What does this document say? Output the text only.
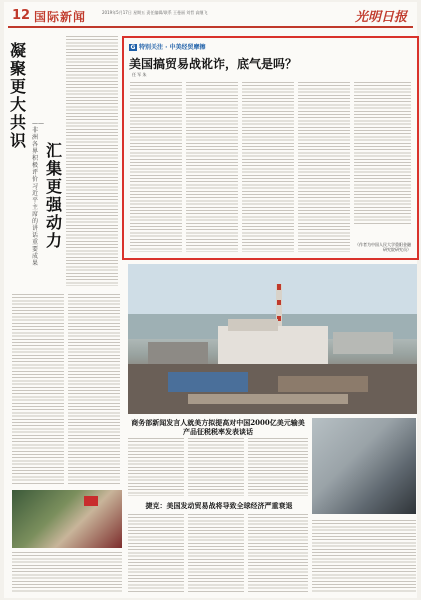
12 国际新闻	2019年5月17日 星期五 责任编辑/联系 王曼丽 刘哲 高继飞	光明日报
凝聚更大共识
汇集更强动力
——非洲各界积极评价习近平主席的讲话重要成果
G 特别关注 · 中美经贸摩擦
美国搞贸易战讹诈，底气是吗？
任 军 朱
（作者为中国人民大学重阳金融研究院研究员）
商务部新闻发言人就美方拟提高对中国2000亿美元输美产品征税税率发表谈话
捷克：美国发动贸易战将导致全球经济严重衰退
